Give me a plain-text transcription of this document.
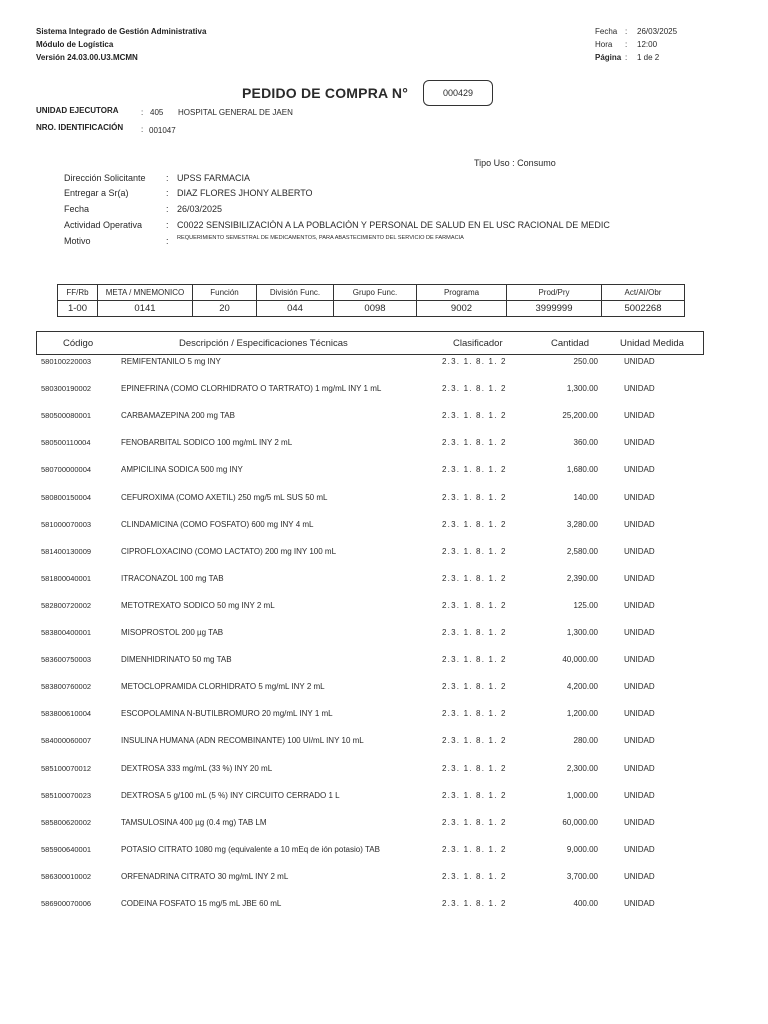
Sistema Integrado de Gestión Administrativa
Módulo de Logística
Versión 24.03.00.U3.MCMN
Fecha : 26/03/2025
Hora : 12:00
Página : 1 de 2
PEDIDO DE COMPRA N°	000429
UNIDAD EJECUTORA	: 405 HOSPITAL GENERAL DE JAEN
NRO. IDENTIFICACIÓN : 001047
Tipo Uso : Consumo
Dirección Solicitante : UPSS FARMACIA
Entregar a Sr(a)	: DIAZ FLORES JHONY ALBERTO
Fecha	: 26/03/2025
Actividad Operativa	: C0022 SENSIBILIZACIÓN A LA POBLACIÓN Y PERSONAL DE SALUD EN EL USC RACIONAL DE MEDIC
Motivo	: REQUERIMIENTO SEMESTRAL DE MEDICAMENTOS, PARA ABASTECIMIENTO DEL SERVICIO DE FARMACIA
FF/Rb	META / MNEMONICO	Función	División Func.	Grupo Func.	Programa	Prod/Pry	Act/AI/Obr
1-00	0141	20	044	0098	9002	3999999	5002268
Código	Descripción / Especificaciones Técnicas	Clasificador	Cantidad	Unidad Medida
580100220003	REMIFENTANILO 5 mg INY	2.3. 1. 8. 1. 2	250.00	UNIDAD
580300190002	EPINEFRINA (COMO CLORHIDRATO O TARTRATO) 1 mg/mL INY 1 mL	2.3. 1. 8. 1. 2	1,300.00	UNIDAD
580500080001	CARBAMAZEPINA 200 mg TAB	2.3. 1. 8. 1. 2	25,200.00	UNIDAD
580500110004	FENOBARBITAL SODICO 100 mg/mL INY 2 mL	2.3. 1. 8. 1. 2	360.00	UNIDAD
580700000004	AMPICILINA SODICA 500 mg INY	2.3. 1. 8. 1. 2	1,680.00	UNIDAD
580800150004	CEFUROXIMA (COMO AXETIL) 250 mg/5 mL SUS 50 mL	2.3. 1. 8. 1. 2	140.00	UNIDAD
581000070003	CLINDAMICINA (COMO FOSFATO) 600 mg INY 4 mL	2.3. 1. 8. 1. 2	3,280.00	UNIDAD
581400130009	CIPROFLOXACINO (COMO LACTATO) 200 mg INY 100 mL	2.3. 1. 8. 1. 2	2,580.00	UNIDAD
581800040001	ITRACONAZOL 100 mg TAB	2.3. 1. 8. 1. 2	2,390.00	UNIDAD
582800720002	METOTREXATO SODICO 50 mg INY 2 mL	2.3. 1. 8. 1. 2	125.00	UNIDAD
583800400001	MISOPROSTOL 200 µg TAB	2.3. 1. 8. 1. 2	1,300.00	UNIDAD
583600750003	DIMENHIDRINATO 50 mg TAB	2.3. 1. 8. 1. 2	40,000.00	UNIDAD
583800760002	METOCLOPRAMIDA CLORHIDRATO 5 mg/mL INY 2 mL	2.3. 1. 8. 1. 2	4,200.00	UNIDAD
583800610004	ESCOPOLAMINA N-BUTILBROMURO 20 mg/mL INY 1 mL	2.3. 1. 8. 1. 2	1,200.00	UNIDAD
584000060007	INSULINA HUMANA (ADN RECOMBINANTE) 100 UI/mL INY 10 mL	2.3. 1. 8. 1. 2	280.00	UNIDAD
585100070012	DEXTROSA 333 mg/mL (33 %) INY 20 mL	2.3. 1. 8. 1. 2	2,300.00	UNIDAD
585100070023	DEXTROSA 5 g/100 mL (5 %) INY CIRCUITO CERRADO 1 L	2.3. 1. 8. 1. 2	1,000.00	UNIDAD
585800620002	TAMSULOSINA 400 µg (0.4 mg) TAB LM	2.3. 1. 8. 1. 2	60,000.00	UNIDAD
585900640001	POTASIO CITRATO 1080 mg (equivalente a 10 mEq de ión potasio) TAB	2.3. 1. 8. 1. 2	9,000.00	UNIDAD
586300010002	ORFENADRINA CITRATO 30 mg/mL INY 2 mL	2.3. 1. 8. 1. 2	3,700.00	UNIDAD
586900070006	CODEINA FOSFATO 15 mg/5 mL JBE 60 mL	2.3. 1. 8. 1. 2	400.00	UNIDAD
